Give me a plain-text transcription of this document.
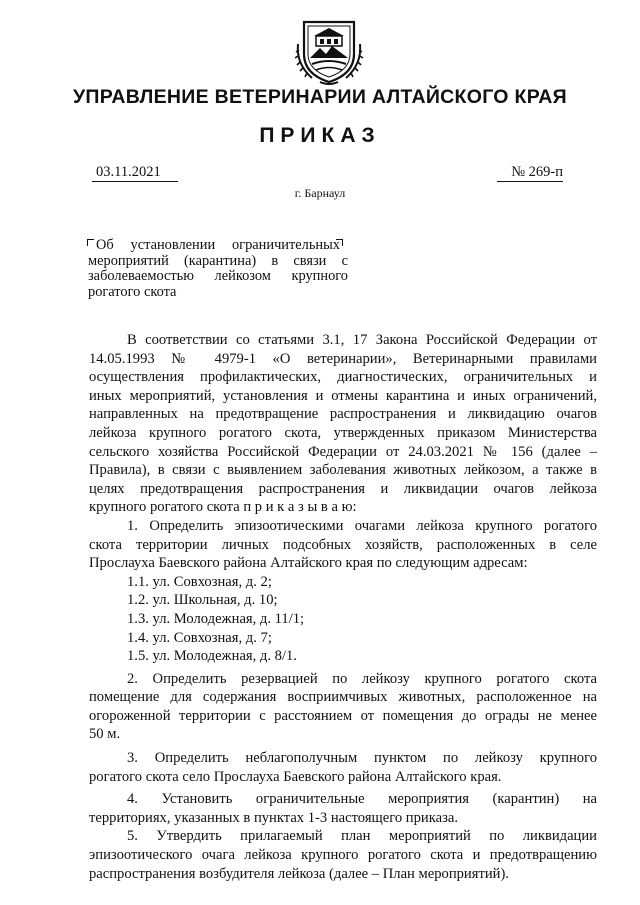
УПРАВЛЕНИЕ ВЕТЕРИНАРИИ АЛТАЙСКОГО КРАЯ
ПРИКАЗ
03.11.2021	№ 269-п
г. Барнаул
Об установлении ограничительных
мероприятий (карантина) в связи с
заболеваемостью лейкозом крупного
рогатого скота
В соответствии со статьями 3.1, 17 Закона Российской Федерации от
14.05.1993 № 4979-1 «О ветеринарии», Ветеринарными правилами
осуществления профилактических, диагностических, ограничительных и
иных мероприятий, установления и отмены карантина и иных ограничений,
направленных на предотвращение распространения и ликвидацию очагов
лейкоза крупного рогатого скота, утвержденных приказом Министерства
сельского хозяйства Российской Федерации от 24.03.2021 № 156 (далее –
Правила), в связи с выявлением заболевания животных лейкозом, а также в
целях предотвращения распространения и ликвидации очагов лейкоза
крупного рогатого скота п р и к а з ы в а ю:
1. Определить эпизоотическими очагами лейкоза крупного рогатого
скота территории личных подсобных хозяйств, расположенных в селе
Прослауха Баевского района Алтайского края по следующим адресам:
1.1. ул. Совхозная, д. 2;
1.2. ул. Школьная, д. 10;
1.3. ул. Молодежная, д. 11/1;
1.4. ул. Совхозная, д. 7;
1.5. ул. Молодежная, д. 8/1.
2. Определить резервацией по лейкозу крупного рогатого скота
помещение для содержания восприимчивых животных, расположенное на
огороженной территории с расстоянием от помещения до ограды не менее
50 м.
3. Определить неблагополучным пунктом по лейкозу крупного
рогатого скота село Прослауха Баевского района Алтайского края.
4. Установить ограничительные мероприятия (карантин) на
территориях, указанных в пунктах 1-3 настоящего приказа.
5. Утвердить прилагаемый план мероприятий по ликвидации
эпизоотического очага лейкоза крупного рогатого скота и предотвращению
распространения возбудителя лейкоза (далее – План мероприятий).
